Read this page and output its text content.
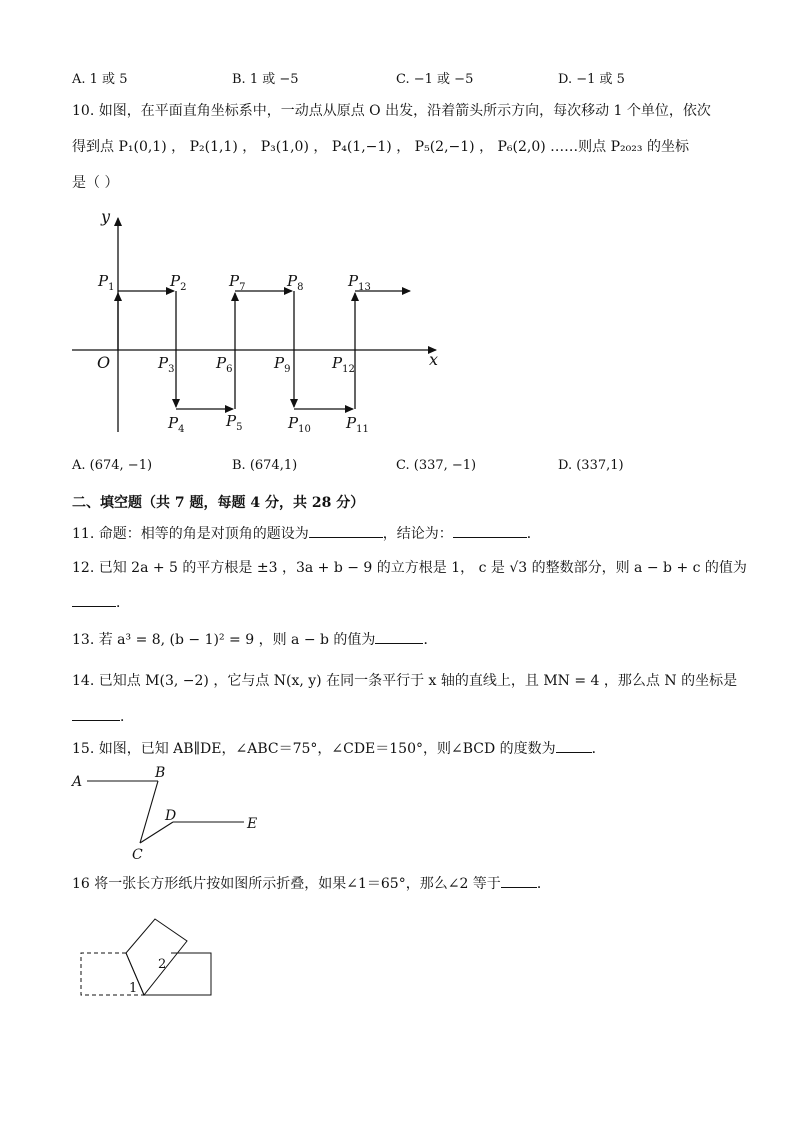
A. 1 或 5	B. 1 或 −5	C. −1 或 −5	D. −1 或 5
10. 如图，在平面直角坐标系中，一动点从原点 O 出发，沿着箭头所示方向，每次移动 1 个单位，依次
得到点 P₁(0,1) ， P₂(1,1) ， P₃(1,0) ， P₄(1,−1) ， P₅(2,−1) ， P₆(2,0) ……则点 P₂₀₂₃ 的坐标
是（ ）
y
x
O
$P_1$	$P_2$
$P_3$
$P_4$	$P_5$
$P_6$
$P_7$	$P_8$
$P_9$
$P_{10}$ $P_{11}$
$P_{12}$
$P_{13}$
A. (674, −1)	B. (674,1)	C. (337, −1)	D. (337,1)
二、填空题（共 7 题，每题 4 分，共 28 分）
11. 命题：相等的角是对顶角的题设为	，结论为：	．
12. 已知 2a + 5 的平方根是 ±3 ，3a + b − 9 的立方根是 1， c 是 √3 的整数部分，则 a − b + c 的值为
．
13. 若 a³ = 8, (b − 1)² = 9 ，则 a − b 的值为	．
14. 已知点 M(3, −2) ，它与点 N(x, y) 在同一条平行于 x 轴的直线上，且 MN = 4 ，那么点 N 的坐标是
．
15. 如图，已知 AB∥DE，∠ABC＝75°，∠CDE＝150°，则∠BCD 的度数为	．
A
B
C
D	E
16 将一张长方形纸片按如图所示折叠，如果∠1＝65°，那么∠2 等于	．
1
2
